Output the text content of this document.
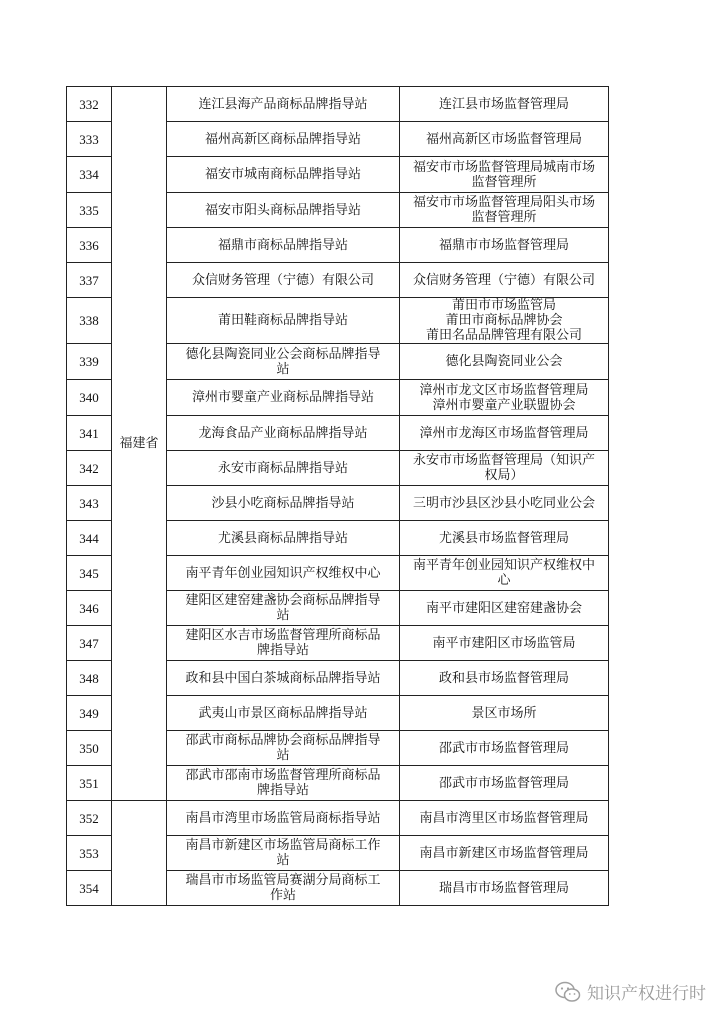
332	福建省	连江县海产品商标品牌指导站	连江县市场监督管理局
333		福州高新区商标品牌指导站	福州高新区市场监督管理局
334		福安市城南商标品牌指导站	福安市市场监督管理局城南市场
监督管理所
335		福安市阳头商标品牌指导站	福安市市场监督管理局阳头市场
监督管理所
336		福鼎市商标品牌指导站	福鼎市市场监督管理局
337		众信财务管理（宁德）有限公司	众信财务管理（宁德）有限公司
338		莆田鞋商标品牌指导站	莆田市市场监管局
莆田市商标品牌协会
莆田名品品牌管理有限公司
339		德化县陶瓷同业公会商标品牌指导
站	德化县陶瓷同业公会
340		漳州市婴童产业商标品牌指导站	漳州市龙文区市场监督管理局
漳州市婴童产业联盟协会
341		龙海食品产业商标品牌指导站	漳州市龙海区市场监督管理局
342		永安市商标品牌指导站	永安市市场监督管理局（知识产
权局）
343		沙县小吃商标品牌指导站	三明市沙县区沙县小吃同业公会
344		尤溪县商标品牌指导站	尤溪县市场监督管理局
345		南平青年创业园知识产权维权中心	南平青年创业园知识产权维权中
心
346		建阳区建窑建盏协会商标品牌指导
站	南平市建阳区建窑建盏协会
347		建阳区水吉市场监督管理所商标品
牌指导站	南平市建阳区市场监管局
348		政和县中国白茶城商标品牌指导站	政和县市场监督管理局
349		武夷山市景区商标品牌指导站	景区市场所
350		邵武市商标品牌协会商标品牌指导
站	邵武市市场监督管理局
351		邵武市邵南市场监督管理所商标品
牌指导站	邵武市市场监督管理局
352		南昌市湾里市场监管局商标指导站	南昌市湾里区市场监督管理局
353		南昌市新建区市场监管局商标工作
站	南昌市新建区市场监督管理局
354		瑞昌市市场监管局赛湖分局商标工
作站	瑞昌市市场监督管理局
知识产权进行时
